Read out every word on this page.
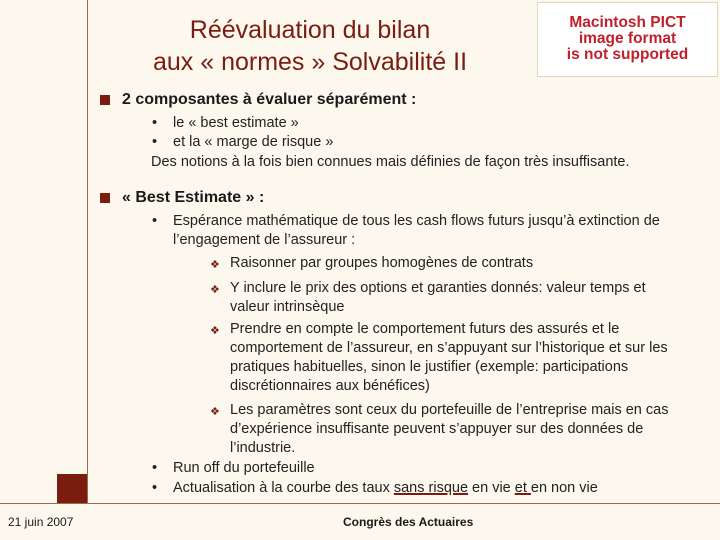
Réévaluation du bilan
aux « normes » Solvabilité II
Macintosh PICT
image format
is not supported
2 composantes à évaluer séparément :
• le « best estimate »
• et la « marge de risque »
Des notions à la fois bien connues mais définies de façon très insuffisante.
« Best Estimate » :
• Espérance mathématique de tous les cash flows futurs jusqu’à extinction de
l’engagement de l’assureur :
❖ Raisonner par groupes homogènes de contrats
❖ Y inclure le prix des options et garanties donnés: valeur temps et
valeur intrinsèque
❖ Prendre en compte le comportement futurs des assurés et le
comportement de l’assureur, en s’appuyant sur l’historique et sur les
pratiques habituelles, sinon le justifier (exemple: participations
discrétionnaires aux bénéfices)
❖ Les paramètres sont ceux du portefeuille de l’entreprise mais en cas
d’expérience insuffisante peuvent s’appuyer sur des données de
l’industrie.
• Run off du portefeuille
• Actualisation à la courbe des taux sans risque en vie et en non vie
21 juin 2007	Congrès des Actuaires
